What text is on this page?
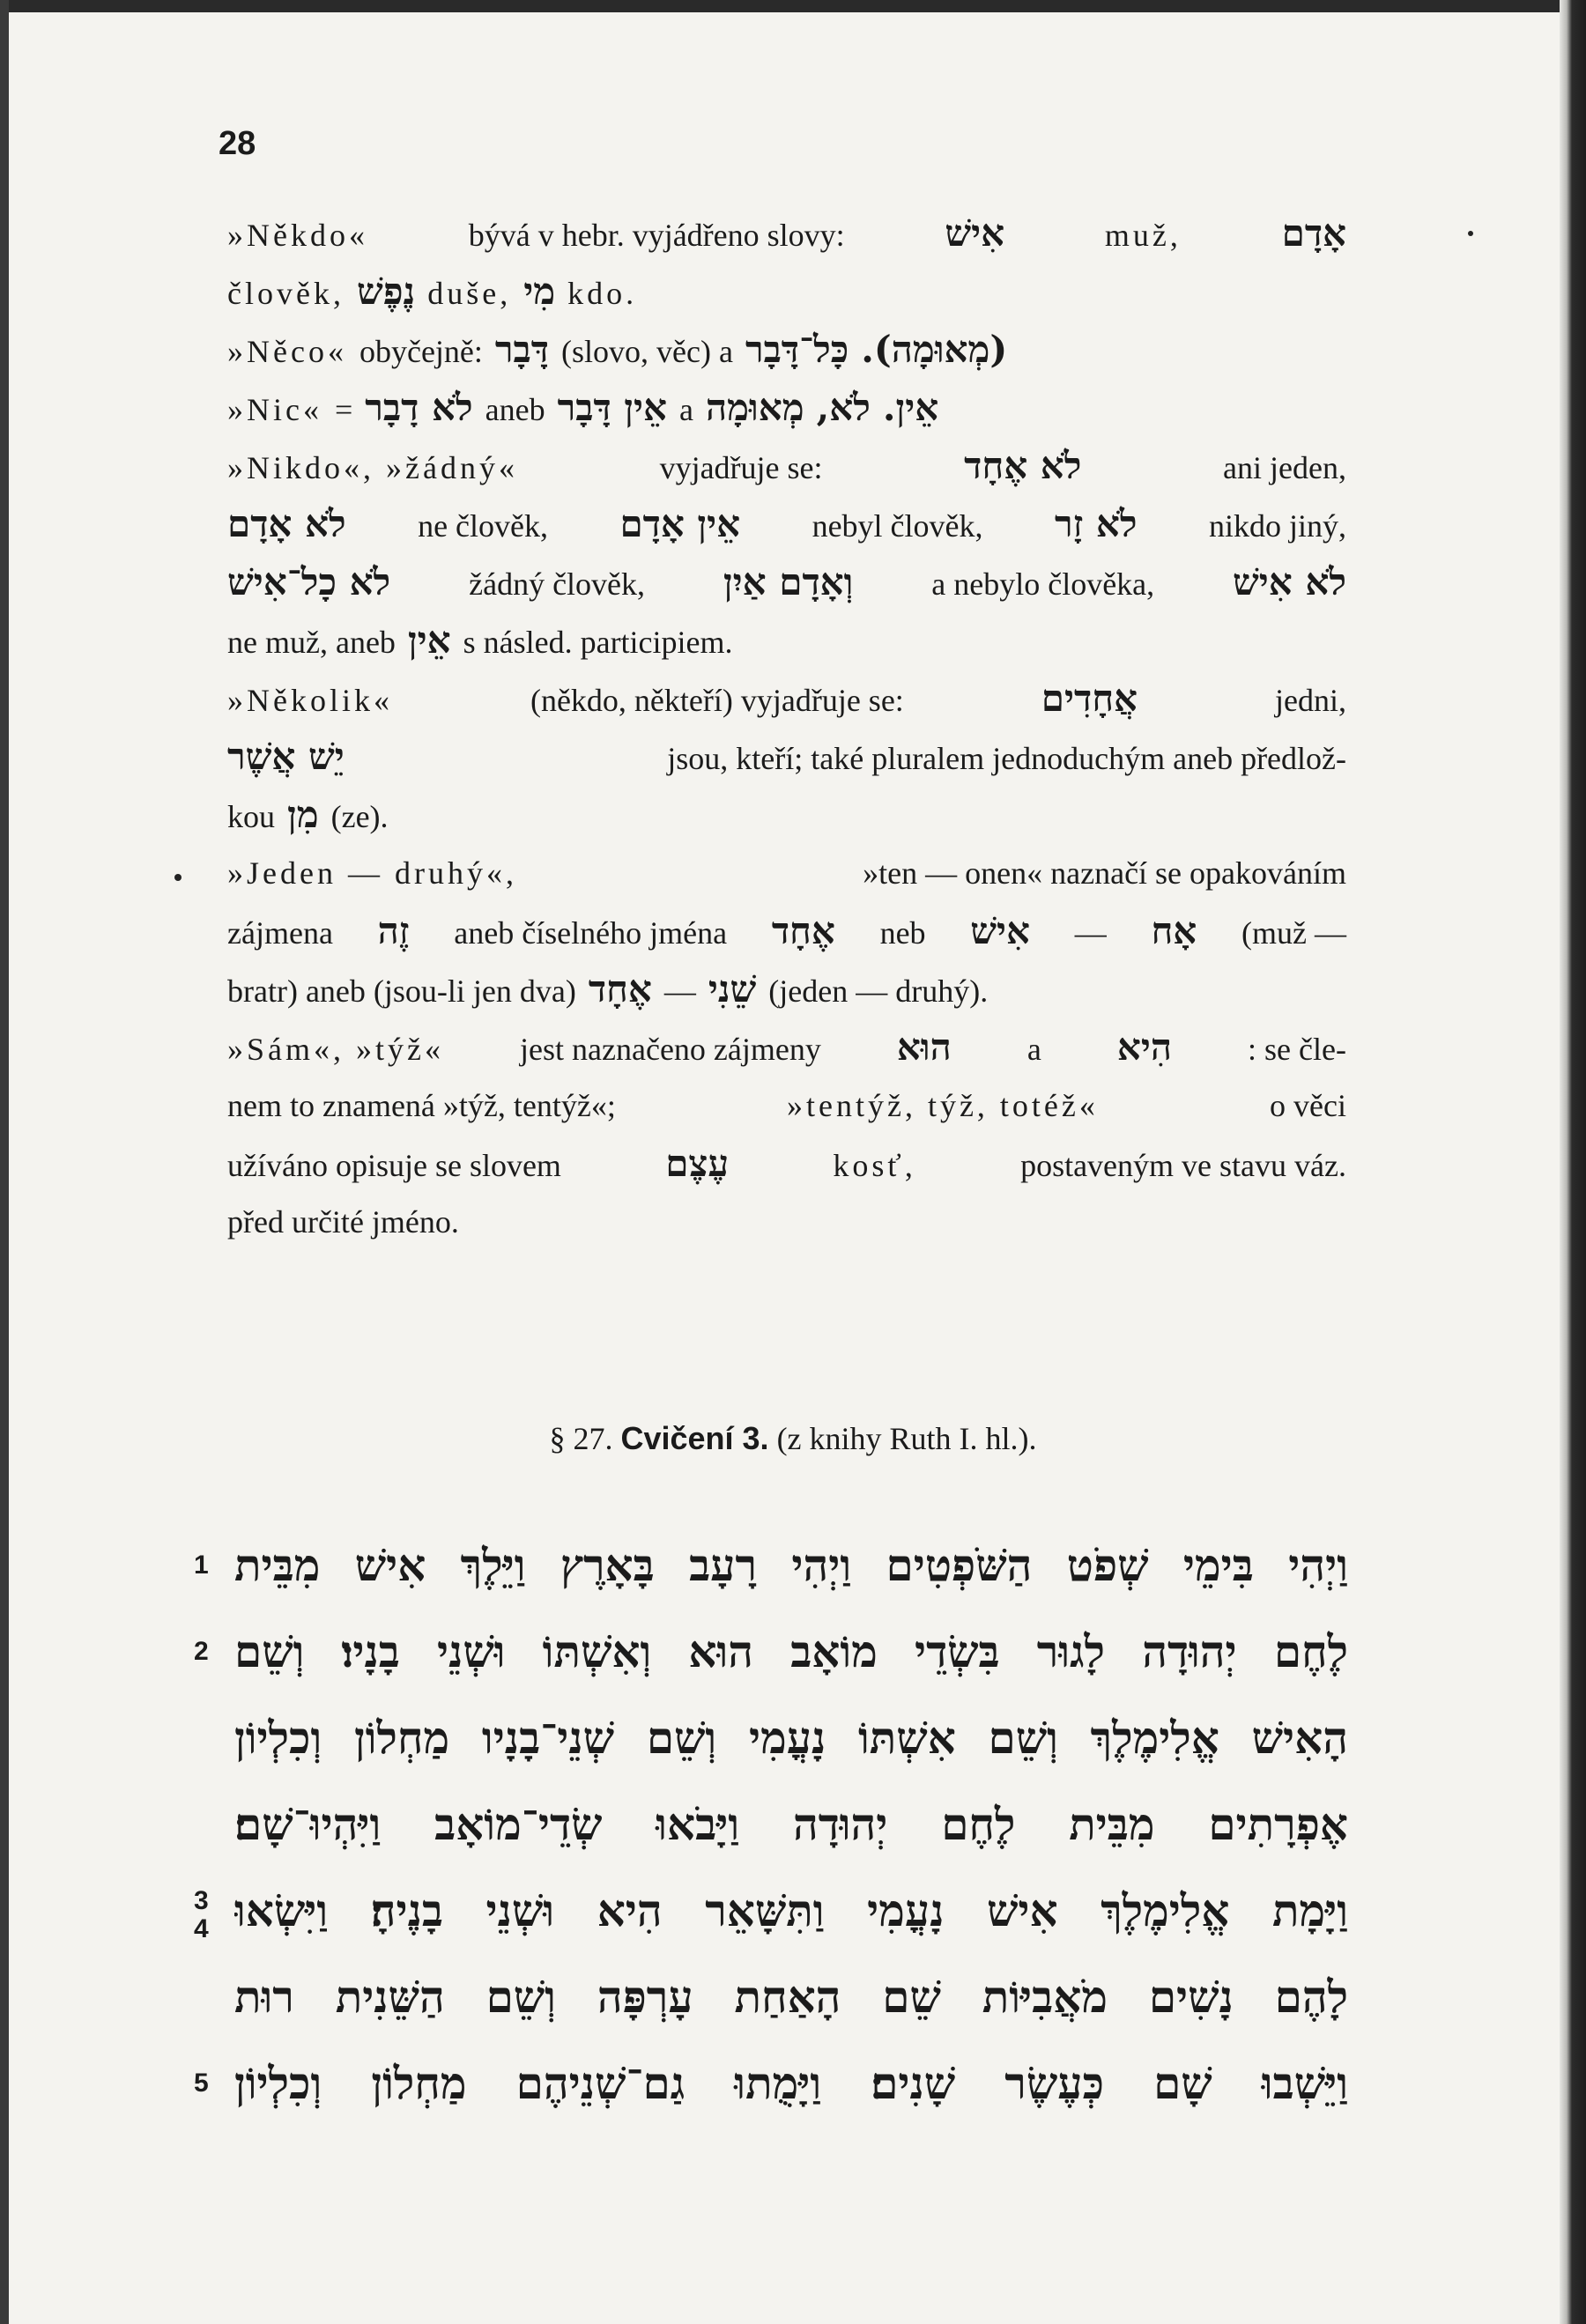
28
»Někdo«	bývá v hebr. vyjádřeno slovy:	אִישׁ	muž,	אָדָם
člověk, נֶפֶשׁ duše, מִי kdo.
»Něco« obyčejně: דָּבָר (slovo, věc) a כָּל־דָּבָר (מְאוּמָה).
»Nic« = לֹא דָבָר aneb אֵין דָּבָר a מְאוּמָה לֹא, אֵין.
»Nikdo«, »žádný«	vyjadřuje se:	לֹא אֶחָד	ani jeden,
לֹא אָדָם ne člověk, אֵין אָדָם nebyl člověk, לֹא זָר nikdo jiný,
לֹא כָל־אִישׁ žádný člověk, וְאָדָם אַיִן a nebylo člověka, לֹא אִישׁ
ne muž, aneb אֵין s násled. participiem.
»Několik«	(někdo, někteří) vyjadřuje se:	אֲחָדִים	jedni,
יֵשׁ אֲשֶׁר	jsou, kteří; také pluralem jednoduchým aneb předlož-
kou מִן (ze).
»Jeden — druhý«,	»ten — onen« naznačí se opakováním
zájmena זֶה aneb číselného jména אֶחָד neb אִישׁ — אָח (muž —
bratr) aneb (jsou-li jen dva) אֶחָד — שֵׁנִי (jeden — druhý).
»Sám«, »týž« jest naznačeno zájmeny הוּא a הִיא : se čle-
nem to znamená »týž, tentýž«;	»tentýž, týž, totéž«	o věci
užíváno opisuje se slovem	עֶצֶם	kosť,	postaveným ve stavu váz.
před určité jméno.
§ 27. Cvičení 3. (z knihy Ruth I. hl.).
1 וַיְהִי בִּימֵי שְׁפֹט הַשֹּׁפְטִים וַיְהִי רָעָב בָּאָרֶץ וַיֵּלֶךְ אִישׁ מִבֵּית
2 לֶחֶם יְהוּדָה לָגוּר בִּשְׂדֵי מוֹאָב הוּא וְאִשְׁתּוֹ וּשְׁנֵי בָנָיו׃ וְשֵׁם
הָאִישׁ אֱלִימֶלֶךְ וְשֵׁם אִשְׁתּוֹ נָעֳמִי וְשֵׁם שְׁנֵי־בָנָיו מַחְלוֹן וְכִלְיוֹן
אֶפְרָתִים מִבֵּית לֶחֶם יְהוּדָה וַיָּבֹאוּ שְׂדֵי־מוֹאָב וַיִּהְיוּ־שָׁם׃
3
4 וַיָּמָת אֱלִימֶלֶךְ אִישׁ נָעֳמִי וַתִּשָּׁאֵר הִיא וּשְׁנֵי בָנֶיהָ׃ וַיִּשְׂאוּ
לָהֶם נָשִׁים מֹאֲבִיּוֹת שֵׁם הָאַחַת עָרְפָּה וְשֵׁם הַשֵּׁנִית רוּת
5 וַיֵּשְׁבוּ שָׁם כְּעֶשֶׂר שָׁנִים׃ וַיָּמֻתוּ גַם־שְׁנֵיהֶם מַחְלוֹן וְכִלְיוֹן
